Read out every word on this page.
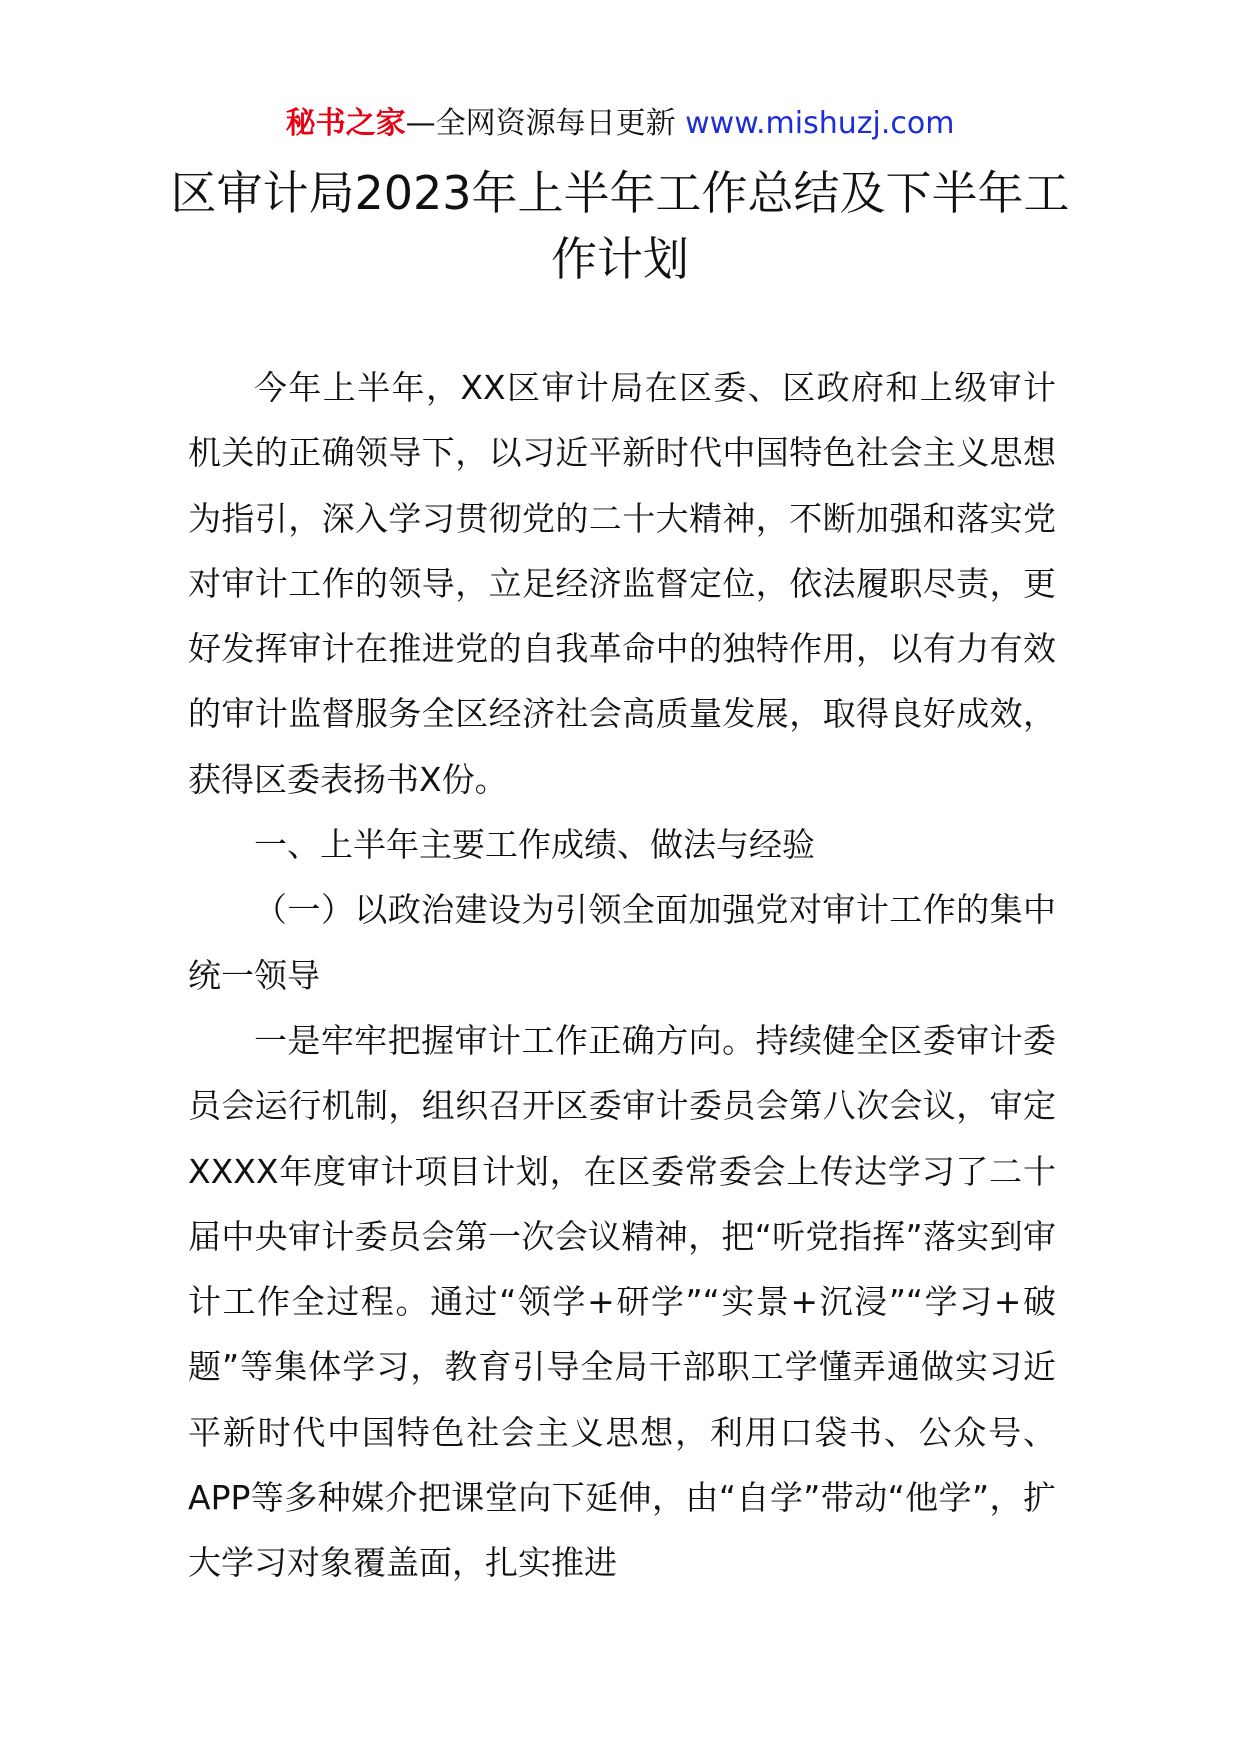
秘书之家—全网资源每日更新 www.mishuzj.com
区审计局2023年上半年工作总结及下半年工作计划

今年上半年，XX区审计局在区委、区政府和上级审计机关的正确领导下，以习近平新时代中国特色社会主义思想为指引，深入学习贯彻党的二十大精神，不断加强和落实党对审计工作的领导，立足经济监督定位，依法履职尽责，更好发挥审计在推进党的自我革命中的独特作用，以有力有效的审计监督服务全区经济社会高质量发展，取得良好成效，获得区委表扬书X份。

一、上半年主要工作成绩、做法与经验

（一）以政治建设为引领全面加强党对审计工作的集中统一领导

一是牢牢把握审计工作正确方向。持续健全区委审计委员会运行机制，组织召开区委审计委员会第八次会议，审定XXXX年度审计项目计划，在区委常委会上传达学习了二十届中央审计委员会第一次会议精神，把“听党指挥”落实到审计工作全过程。通过“领学+研学”“实景+沉浸”“学习+破题”等集体学习，教育引导全局干部职工学懂弄通做实习近平新时代中国特色社会主义思想，利用口袋书、公众号、APP等多种媒介把课堂向下延伸，由“自学”带动“他学”，扩大学习对象覆盖面，扎实推进
